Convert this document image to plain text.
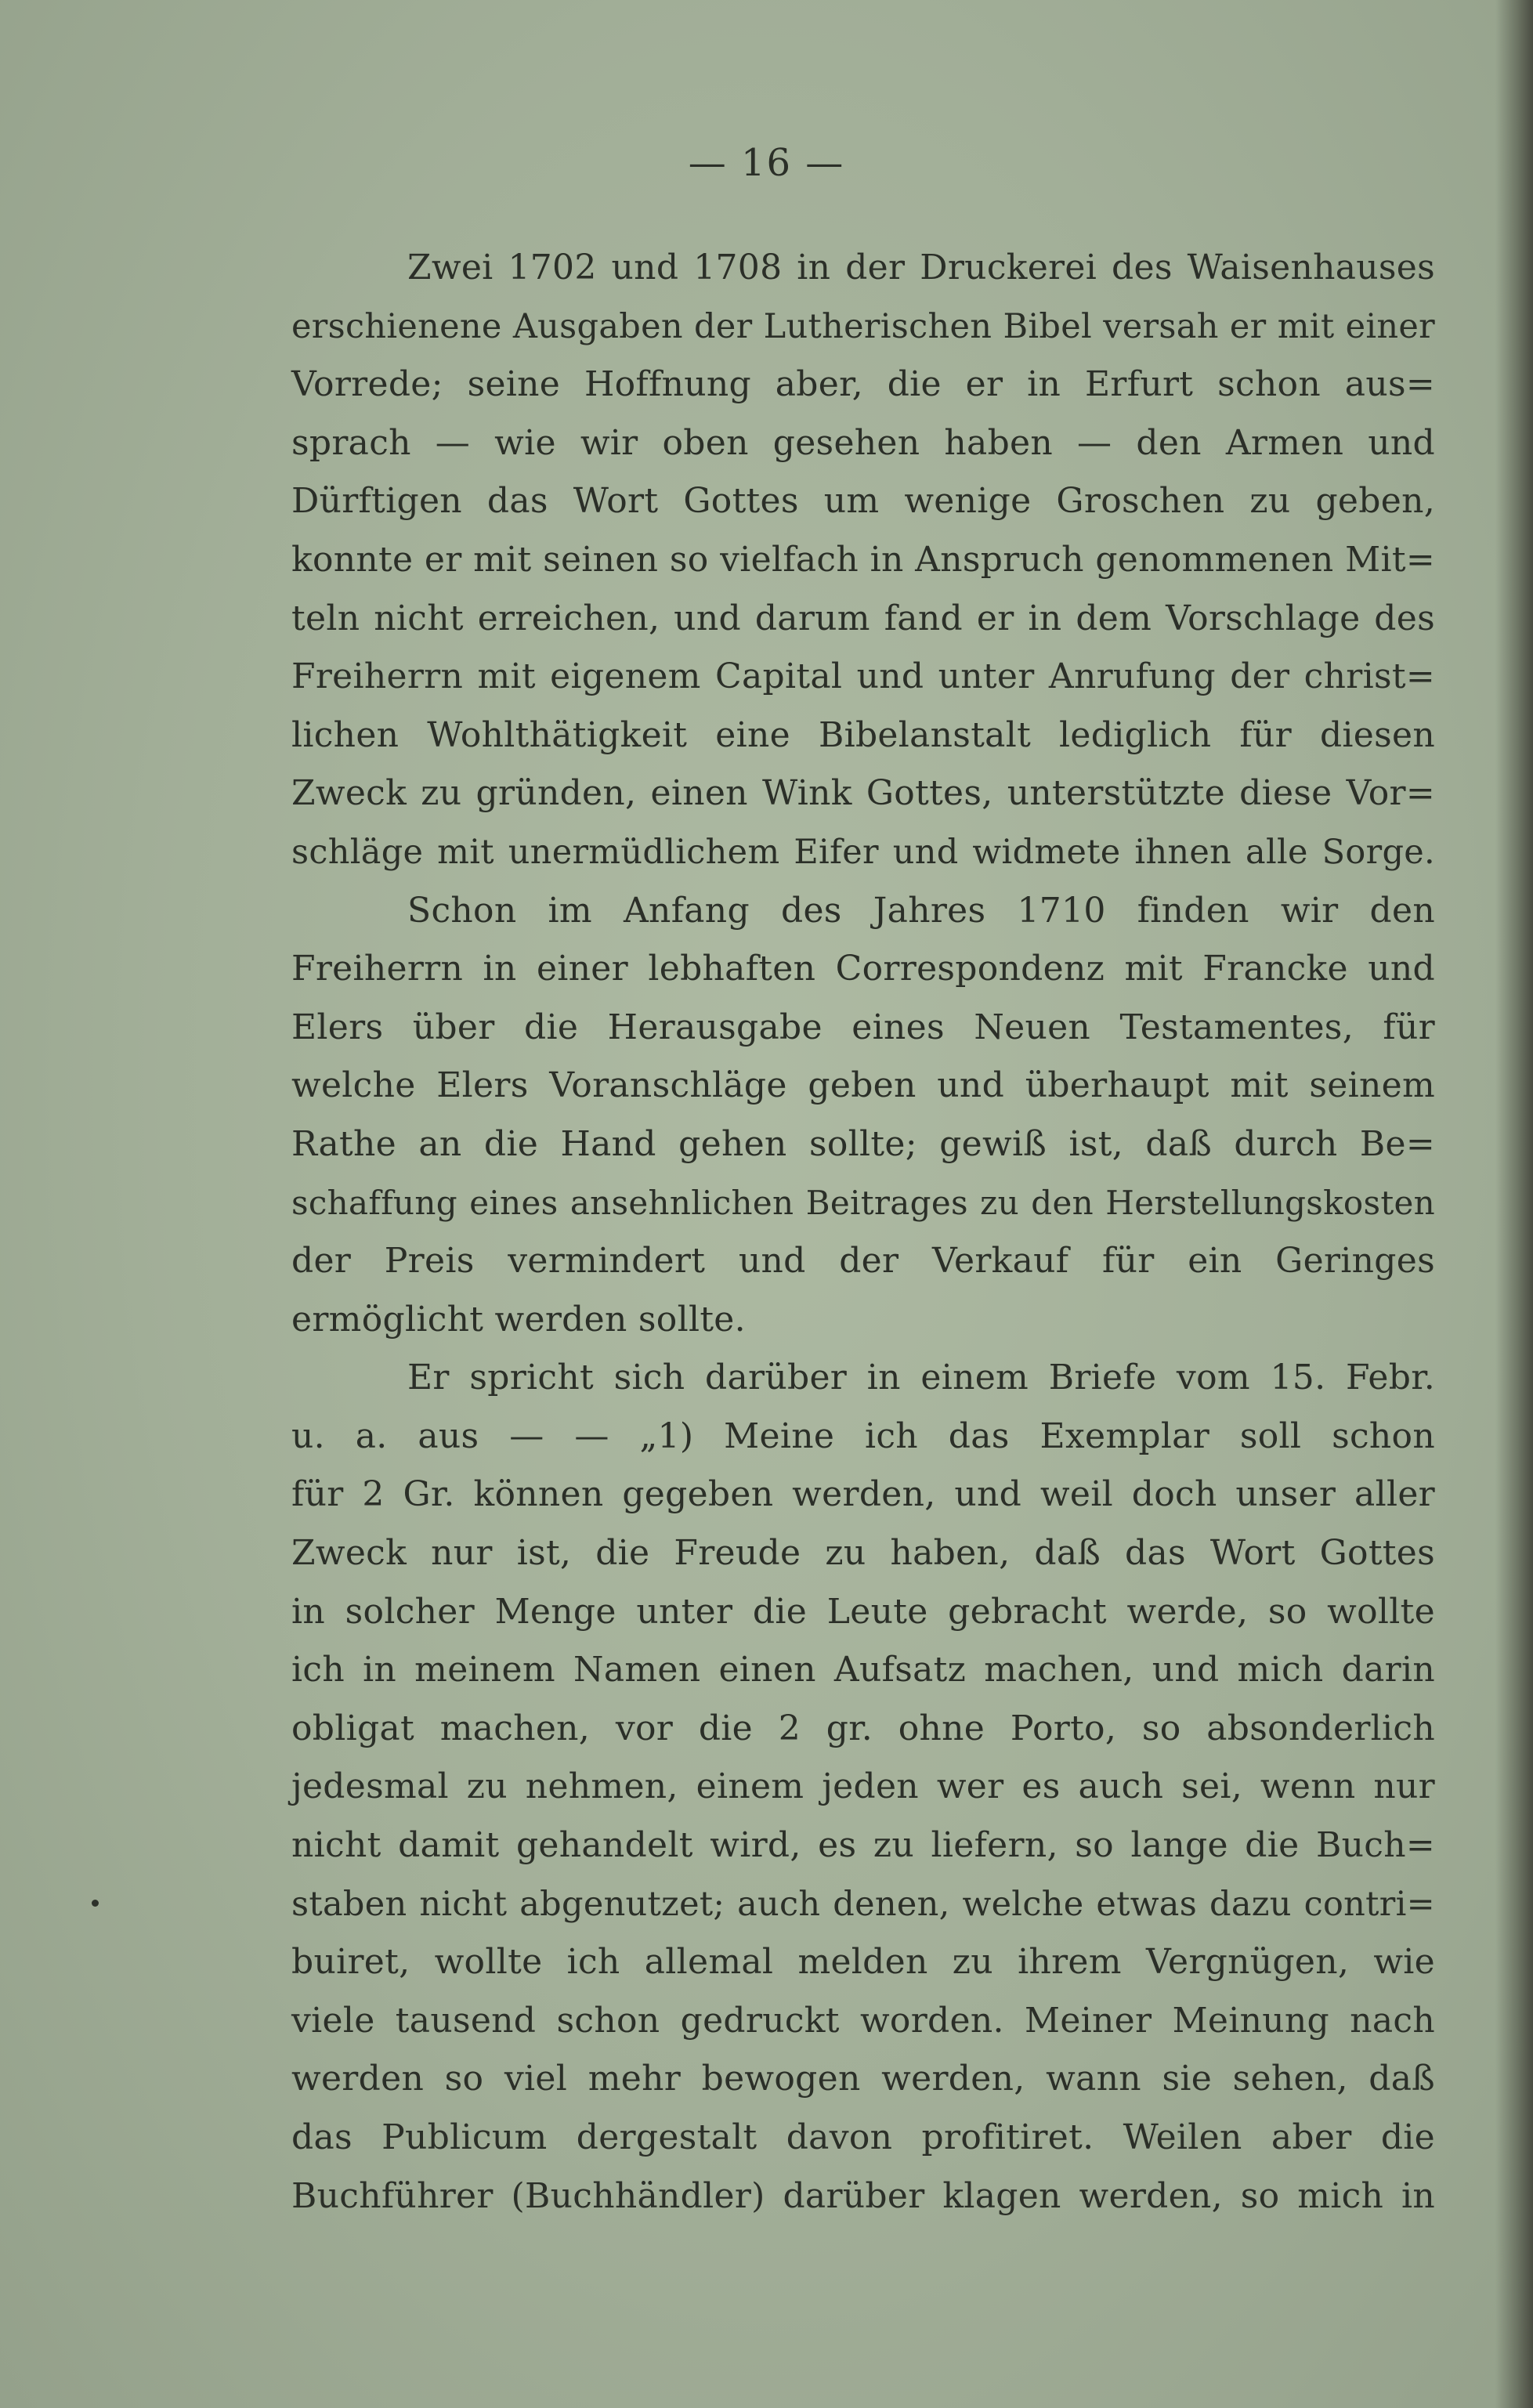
— 16 —
Zwei 1702 und 1708 in der Druckerei des Waisenhauses
erschienene Ausgaben der Lutherischen Bibel versah er mit einer
Vorrede; seine Hoffnung aber, die er in Erfurt schon aus=
sprach — wie wir oben gesehen haben — den Armen und
Dürftigen das Wort Gottes um wenige Groschen zu geben,
konnte er mit seinen so vielfach in Anspruch genommenen Mit=
teln nicht erreichen, und darum fand er in dem Vorschlage des
Freiherrn mit eigenem Capital und unter Anrufung der christ=
lichen Wohlthätigkeit eine Bibelanstalt lediglich für diesen
Zweck zu gründen, einen Wink Gottes, unterstützte diese Vor=
schläge mit unermüdlichem Eifer und widmete ihnen alle Sorge.
Schon im Anfang des Jahres 1710 finden wir den
Freiherrn in einer lebhaften Correspondenz mit Francke und
Elers über die Herausgabe eines Neuen Testamentes, für
welche Elers Voranschläge geben und überhaupt mit seinem
Rathe an die Hand gehen sollte; gewiß ist, daß durch Be=
schaffung eines ansehnlichen Beitrages zu den Herstellungskosten
der Preis vermindert und der Verkauf für ein Geringes
ermöglicht werden sollte.
Er spricht sich darüber in einem Briefe vom 15. Febr.
u. a. aus — — „1) Meine ich das Exemplar soll schon
für 2 Gr. können gegeben werden, und weil doch unser aller
Zweck nur ist, die Freude zu haben, daß das Wort Gottes
in solcher Menge unter die Leute gebracht werde, so wollte
ich in meinem Namen einen Aufsatz machen, und mich darin
obligat machen, vor die 2 gr. ohne Porto, so absonderlich
jedesmal zu nehmen, einem jeden wer es auch sei, wenn nur
nicht damit gehandelt wird, es zu liefern, so lange die Buch=
staben nicht abgenutzet; auch denen, welche etwas dazu contri=
buiret, wollte ich allemal melden zu ihrem Vergnügen, wie
viele tausend schon gedruckt worden. Meiner Meinung nach
werden so viel mehr bewogen werden, wann sie sehen, daß
das Publicum dergestalt davon profitiret. Weilen aber die
Buchführer (Buchhändler) darüber klagen werden, so mich in
